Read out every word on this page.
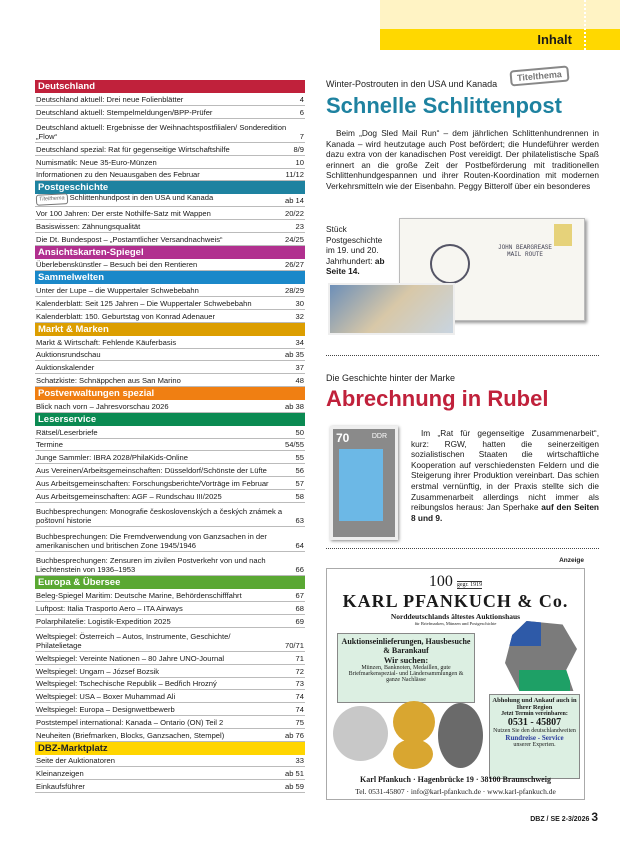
Inhalt
Deutschland
Deutschland aktuell: Drei neue Folienblätter	4
Deutschland aktuell: Stempelmeldungen/BPP-Prüfer	6
Deutschland aktuell: Ergebnisse der Weihnachtspostfilialen/ Sonderedition „Flow“	7
Deutschland spezial: Rat für gegenseitige Wirtschaftshilfe	8/9
Numismatik: Neue 35-Euro-Münzen	10
Informationen zu den Neuausgaben des Februar	11/12
Postgeschichte
Titelthema Schlittenhundpost in den USA und Kanada	ab 14
Vor 100 Jahren: Der erste Nothilfe-Satz mit Wappen	20/22
Basiswissen: Zähnungsqualität	23
Die Dt. Bundespost – „Postamtlicher Versandnachweis“	24/25
Ansichtskarten-Spiegel
Überlebenskünstler – Besuch bei den Rentieren	26/27
Sammelwelten
Unter der Lupe – die Wuppertaler Schwebebahn	28/29
Kalenderblatt: Seit 125 Jahren – Die Wuppertaler Schwebebahn	30
Kalenderblatt: 150. Geburtstag von Konrad Adenauer	32
Markt & Marken
Markt & Wirtschaft: Fehlende Käuferbasis	34
Auktionsrundschau	ab 35
Auktionskalender	37
Schatzkiste: Schnäppchen aus San Marino	48
Postverwaltungen spezial
Blick nach vorn – Jahresvorschau 2026	ab 38
Leserservice
Rätsel/Leserbriefe	50
Termine	54/55
Junge Sammler: IBRA 2028/PhilaKids-Online	55
Aus Vereinen/Arbeitsgemeinschaften: Düsseldorf/Schönste der Lüfte	56
Aus Arbeitsgemeinschaften: Forschungsberichte/Vorträge im Februar	57
Aus Arbeitsgemeinschaften: AGF – Rundschau III/2025	58
Buchbesprechungen: Monografie československých a českých známek a poštovní historie	63
Buchbesprechungen: Die Fremdverwendung von Ganzsachen in der amerikanischen und britischen Zone 1945/1946	64
Buchbesprechungen: Zensuren im zivilen Postverkehr von und nach Liechtenstein von 1936–1953	66
Europa & Übersee
Beleg-Spiegel Maritim: Deutsche Marine, Behördenschifffahrt	67
Luftpost: Italia Trasporto Aero – ITA Airways	68
Polarphilatelie: Logistik-Expedition 2025	69
Weltspiegel: Österreich – Autos, Instrumente, Geschichte/ Philatelietage	70/71
Weltspiegel: Vereinte Nationen – 80 Jahre UNO-Journal	71
Weltspiegel: Ungarn – József Bozsik	72
Weltspiegel: Tschechische Republik – Bedřich Hrozný	73
Weltspiegel: USA – Boxer Muhammad Ali	74
Weltspiegel: Europa – Designwettbewerb	74
Poststempel international: Kanada – Ontario (ON) Teil 2	75
Neuheiten (Briefmarken, Blocks, Ganzsachen, Stempel)	ab 76
DBZ-Marktplatz
Seite der Auktionatoren	33
Kleinanzeigen	ab 51
Einkaufsführer	ab 59
Winter-Postrouten in den USA und Kanada
Titelthema
Schnelle Schlittenpost
Beim „Dog Sled Mail Run“ – dem jährlichen Schlittenhundrennen in Kanada – wird heutzutage auch Post befördert; die Hundeführer werden dazu extra von der kanadischen Post vereidigt. Der philatelistische Spaß erinnert an die große Zeit der Postbeförderung mit traditionellen Schlittenhundgespannen und ihrer Routen-Koordination mit modernen Verkehrsmitteln wie der Eisenbahn. Peggy Bitterolf über ein besonderes
Stück Postgeschichte im 19. und 20. Jahrhundert: ab Seite 14.
JOHN BEARGREASE MAIL ROUTE
Die Geschichte hinter der Marke
Abrechnung in Rubel
70	DDR	Im „Rat für gegenseitige Zusammenarbeit“, kurz: RGW, hatten die seinerzeitigen sozialistischen Staaten die wirtschaftliche Kooperation auf verschiedensten Feldern und die Steigerung ihrer Produktion vereinbart. Das schien erstmal vernünftig, in der Praxis stellte sich die Zusammenarbeit allerdings nicht immer als reibungslos heraus: Jan Sperhake auf den Seiten 8 und 9.
Anzeige
100 gegr. 1919
KARL PFANKUCH & Co.
Norddeutschlands ältestes Auktionshaus
für Briefmarken, Münzen und Postgeschichte
Auktionseinlieferungen, Hausbesuche & Barankauf
Wir suchen:
Münzen, Banknoten, Medaillen, gute Briefmarkenspezial- und Ländersammlungen & ganze Nachlässe
Abholung und Ankauf auch in Ihrer Region
Jetzt Termin vereinbaren:
0531 - 45807
Nutzen Sie den deutschlandweiten
Rundreise - Service
unserer Experten.
Karl Pfankuch · Hagenbrücke 19 · 38100 Braunschweig
Tel. 0531-45807 · info@karl-pfankuch.de · www.karl-pfankuch.de
DBZ / SE 2-3/2026 3
